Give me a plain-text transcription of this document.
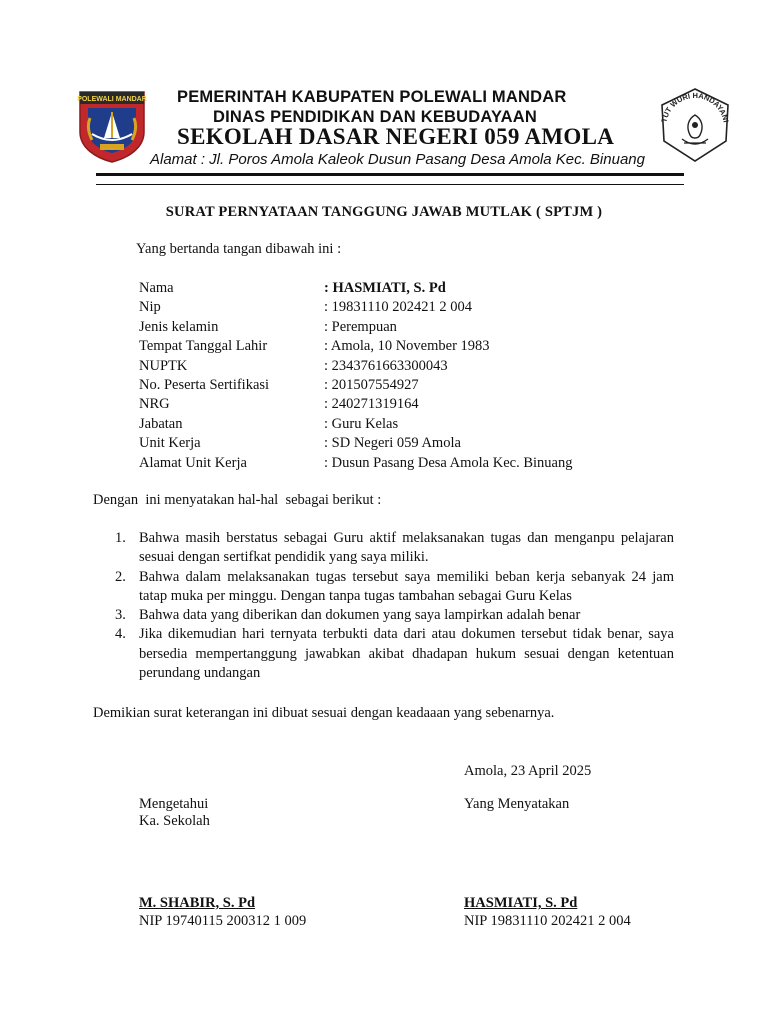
POLEWALI MANDAR PEMERINTAH KABUPATEN POLEWALI MANDAR
DINAS PENDIDIKAN DAN KEBUDAYAAN
SEKOLAH DASAR NEGERI 059 AMOLA
Alamat : Jl. Poros Amola Kaleok Dusun Pasang Desa Amola Kec. Binuang
TUT WURI HANDAYANI
SURAT PERNYATAAN TANGGUNG JAWAB MUTLAK ( SPTJM )
Yang bertanda tangan dibawah ini :
Nama	: HASMIATI, S. Pd
Nip	: 19831110 202421 2 004
Jenis kelamin	: Perempuan
Tempat Tanggal Lahir	: Amola, 10 November 1983
NUPTK	: 2343761663300043
No. Peserta Sertifikasi	: 201507554927
NRG	: 240271319164
Jabatan	: Guru Kelas
Unit Kerja	: SD Negeri 059 Amola
Alamat Unit Kerja	: Dusun Pasang Desa Amola Kec. Binuang
Dengan  ini menyatakan hal-hal  sebagai berikut :
1. Bahwa masih berstatus sebagai Guru aktif melaksanakan tugas dan menganpu pelajaran sesuai dengan sertifkat pendidik yang saya miliki.
2. Bahwa dalam melaksanakan tugas tersebut saya memiliki beban kerja sebanyak 24 jam tatap muka per minggu. Dengan tanpa tugas tambahan sebagai Guru Kelas
3. Bahwa data yang diberikan dan dokumen yang saya lampirkan adalah benar
4. Jika dikemudian hari ternyata terbukti data dari atau dokumen tersebut tidak benar, saya bersedia mempertanggung jawabkan akibat dhadapan hukum sesuai dengan ketentuan perundang undangan
Demikian surat keterangan ini dibuat sesuai dengan keadaaan yang sebenarnya.
Amola, 23 April 2025
Mengetahui
Ka. Sekolah
M. SHABIR, S. Pd
NIP 19740115 200312 1 009
Yang Menyatakan
HASMIATI, S. Pd
NIP 19831110 202421 2 004
